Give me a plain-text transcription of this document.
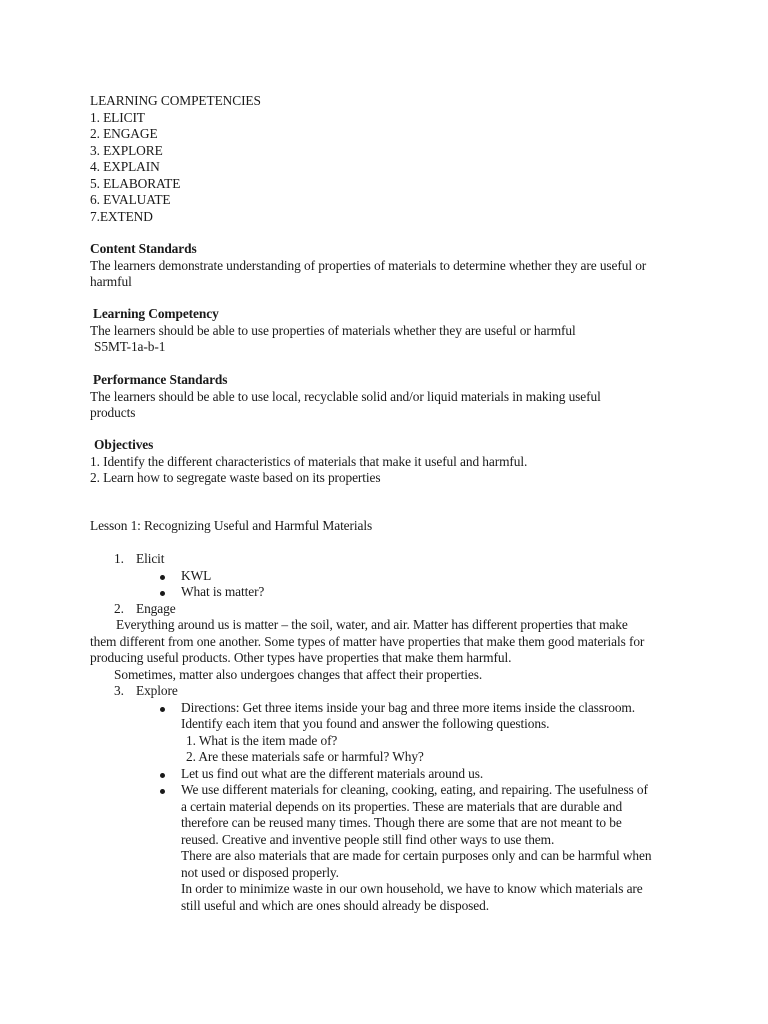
LEARNING COMPETENCIES
1. ELICIT
2. ENGAGE
3. EXPLORE
4. EXPLAIN
5. ELABORATE
6. EVALUATE
7.EXTEND
Content Standards
The learners demonstrate understanding of properties of materials to determine whether they are useful or
harmful
Learning Competency
The learners should be able to use properties of materials whether they are useful or harmful
S5MT-1a-b-1
Performance Standards
The learners should be able to use local, recyclable solid and/or liquid materials in making useful
products
Objectives
1. Identify the different characteristics of materials that make it useful and harmful.
2. Learn how to segregate waste based on its properties
Lesson 1: Recognizing Useful and Harmful Materials
1. Elicit
KWL
What is matter?
2. Engage
Everything around us is matter – the soil, water, and air. Matter has different properties that make
them different from one another. Some types of matter have properties that make them good materials for
producing useful products. Other types have properties that make them harmful.
Sometimes, matter also undergoes changes that affect their properties.
3. Explore
Directions: Get three items inside your bag and three more items inside the classroom.
Identify each item that you found and answer the following questions.
1. What is the item made of?
2. Are these materials safe or harmful? Why?
Let us find out what are the different materials around us.
We use different materials for cleaning, cooking, eating, and repairing. The usefulness of
a certain material depends on its properties. These are materials that are durable and
therefore can be reused many times. Though there are some that are not meant to be
reused. Creative and inventive people still find other ways to use them.
There are also materials that are made for certain purposes only and can be harmful when
not used or disposed properly.
In order to minimize waste in our own household, we have to know which materials are
still useful and which are ones should already be disposed.
